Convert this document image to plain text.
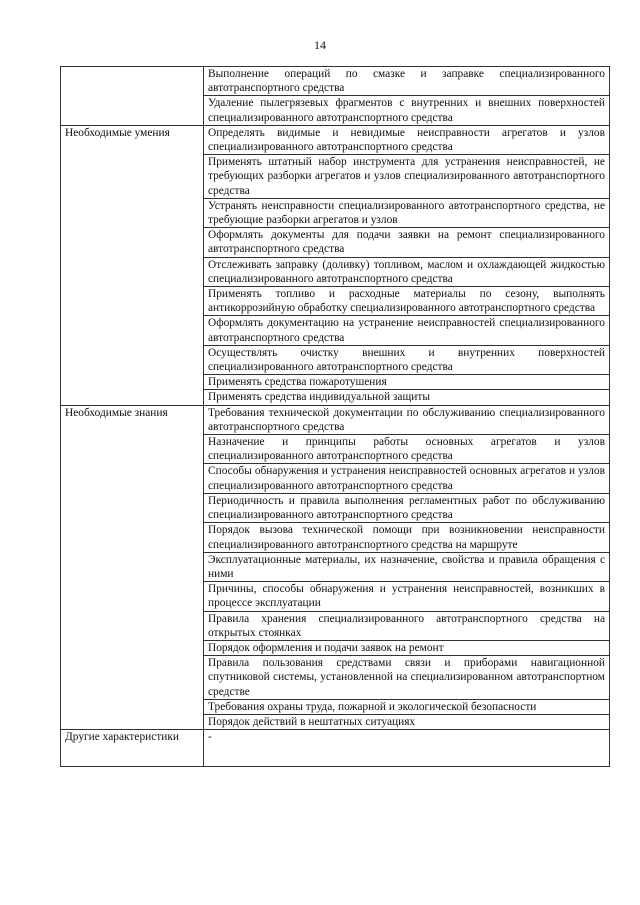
14
	Выполнение операций по смазке и заправке специализированного автотранспортного средства
	Удаление пылегрязевых фрагментов с внутренних и внешних поверхностей специализированного автотранспортного средства
Необходимые умения	Определять видимые и невидимые неисправности агрегатов и узлов специализированного автотранспортного средства
	Применять штатный набор инструмента для устранения неисправностей, не требующих разборки агрегатов и узлов специализированного автотранспортного средства
	Устранять неисправности специализированного автотранспортного средства, не требующие разборки агрегатов и узлов
	Оформлять документы для подачи заявки на ремонт специализированного автотранспортного средства
	Отслеживать заправку (доливку) топливом, маслом и охлаждающей жидкостью специализированного автотранспортного средства
	Применять топливо и расходные материалы по сезону, выполнять антикоррозийную обработку специализированного автотранспортного средства
	Оформлять документацию на устранение неисправностей специализированного автотранспортного средства
	Осуществлять очистку внешних и внутренних поверхностей специализированного автотранспортного средства
	Применять средства пожаротушения
	Применять средства индивидуальной защиты
Необходимые знания	Требования технической документации по обслуживанию специализированного автотранспортного средства
	Назначение и принципы работы основных агрегатов и узлов специализированного автотранспортного средства
	Способы обнаружения и устранения неисправностей основных агрегатов и узлов специализированного автотранспортного средства
	Периодичность и правила выполнения регламентных работ по обслуживанию специализированного автотранспортного средства
	Порядок вызова технической помощи при возникновении неисправности специализированного автотранспортного средства на маршруте
	Эксплуатационные материалы, их назначение, свойства и правила обращения с ними
	Причины, способы обнаружения и устранения неисправностей, возникших в процессе эксплуатации
	Правила хранения специализированного автотранспортного средства на открытых стоянках
	Порядок оформления и подачи заявок на ремонт
	Правила пользования средствами связи и приборами навигационной спутниковой системы, установленной на специализированном автотранспортном средстве
	Требования охраны труда, пожарной и экологической безопасности
	Порядок действий в нештатных ситуациях
Другие характеристики	-
